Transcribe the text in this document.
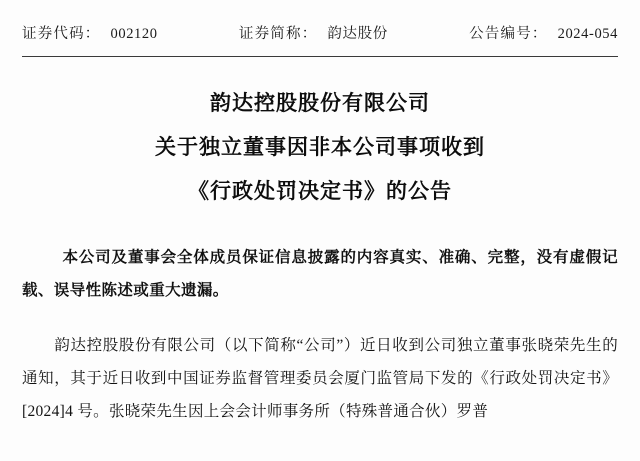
证券代码： 002120	证券简称： 韵达股份	公告编号： 2024-054
韵达控股股份有限公司
关于独立董事因非本公司事项收到
《行政处罚决定书》的公告
本公司及董事会全体成员保证信息披露的内容真实、准确、完整，没有虚假记载、误导性陈述或重大遗漏。
韵达控股股份有限公司（以下简称“公司”）近日收到公司独立董事张晓荣先生的通知，其于近日收到中国证券监督管理委员会厦门监管局下发的《行政处罚决定书》[2024]4 号。张晓荣先生因上会会计师事务所（特殊普通合伙）罗普
